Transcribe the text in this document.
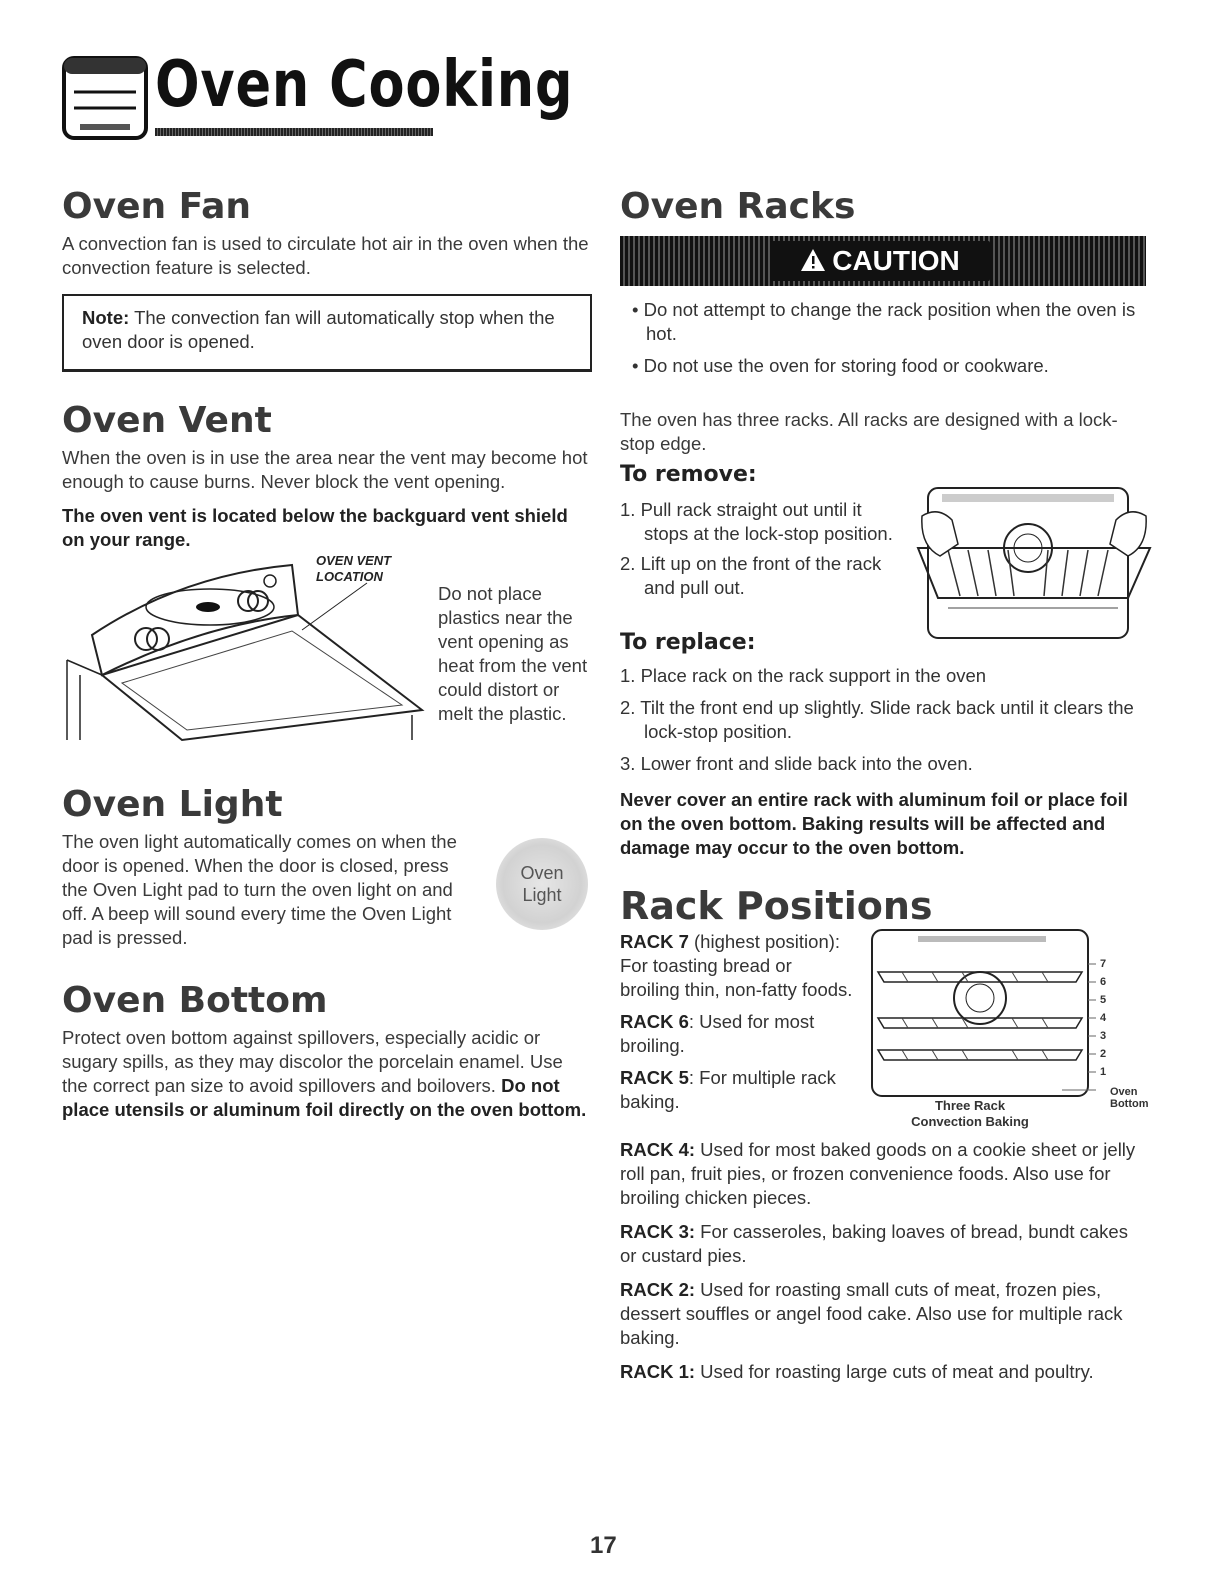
Oven Cooking
Oven Fan
A convection fan is used to circulate hot air in the oven when the convection feature is selected.
Note: The convection fan will automatically stop when the oven door is opened.
Oven Vent
When the oven is in use the area near the vent may become hot enough to cause burns. Never block the vent opening.
The oven vent is located below the backguard vent shield on your range.
OVEN VENT
LOCATION
Do not place plastics near the vent opening as heat from the vent could distort or melt the plastic.
Oven Light
The oven light automatically comes on when the door is opened. When the door is closed, press the Oven Light pad to turn the oven light on and off. A beep will sound every time the Oven Light pad is pressed.
Oven
Light
Oven Bottom
Protect oven bottom against spillovers, especially acidic or sugary spills, as they may discolor the porcelain enamel. Use the correct pan size to avoid spillovers and boilovers. Do not place utensils or aluminum foil directly on the oven bottom.
Oven Racks
CAUTION
• Do not attempt to change the rack position when the oven is hot.
• Do not use the oven for storing food or cookware.
The oven has three racks. All racks are designed with a lock-stop edge.
To remove:
1. Pull rack straight out until it stops at the lock-stop position.
2. Lift up on the front of the rack and pull out.
To replace:
1. Place rack on the rack support in the oven
2. Tilt the front end up slightly. Slide rack back until it clears the lock-stop position.
3. Lower front and slide back into the oven.
Never cover an entire rack with aluminum foil or place foil on the oven bottom. Baking results will be affected and damage may occur to the oven bottom.
Rack Positions
RACK 7 (highest position): For toasting bread or broiling thin, non-fatty foods.
RACK 6: Used for most broiling.
RACK 5: For multiple rack baking.
7
6
5
4
3
2
1
Oven
Bottom
Three Rack
Convection Baking
RACK 4: Used for most baked goods on a cookie sheet or jelly roll pan, fruit pies, or frozen convenience foods. Also use for broiling chicken pieces.
RACK 3: For casseroles, baking loaves of bread, bundt cakes or custard pies.
RACK 2: Used for roasting small cuts of meat, frozen pies, dessert souffles or angel food cake. Also use for multiple rack baking.
RACK 1: Used for roasting large cuts of meat and poultry.
17
